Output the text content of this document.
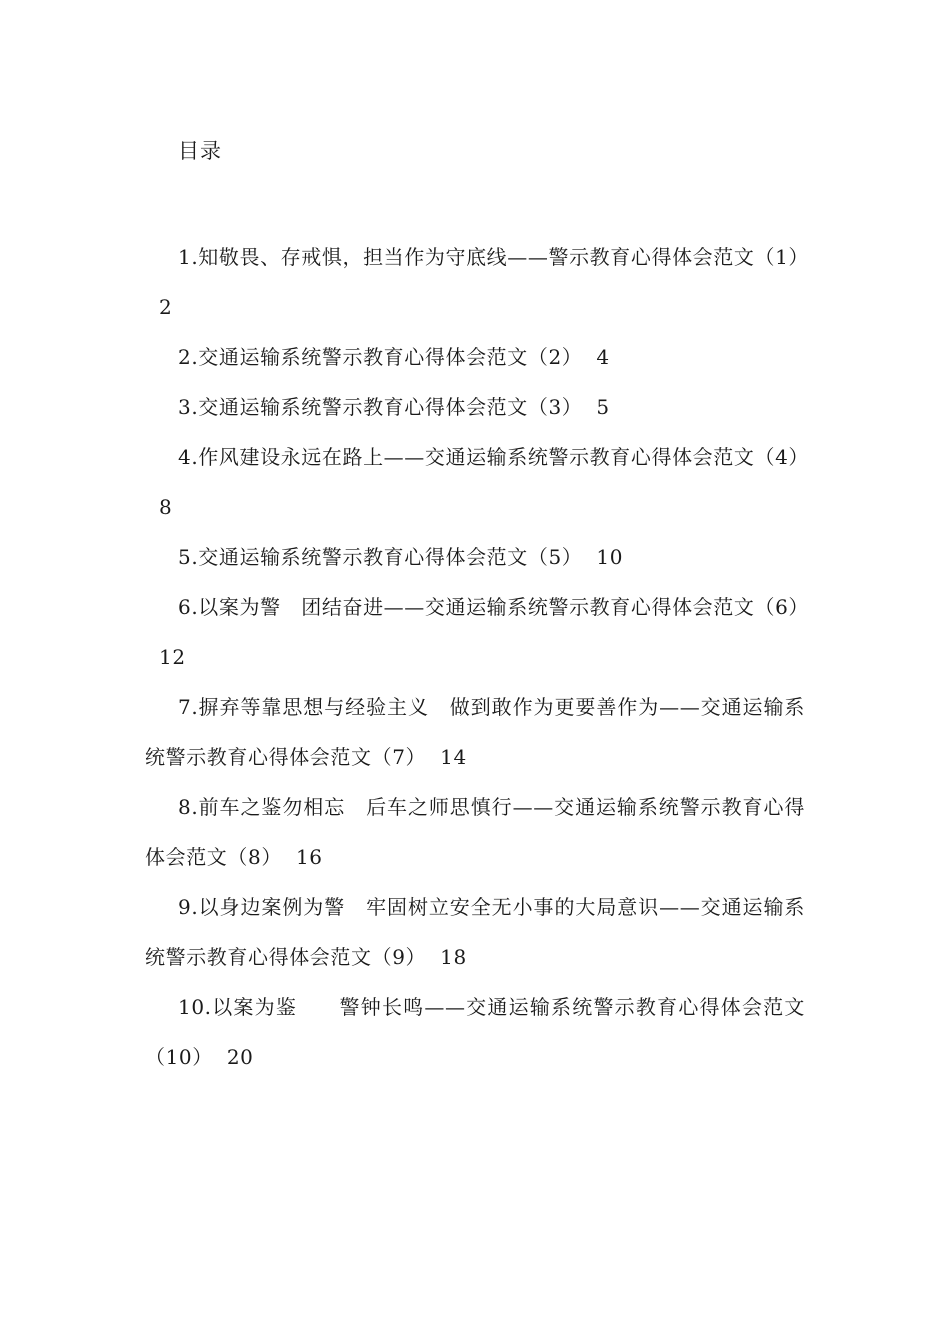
目录
1.知敬畏、存戒惧，担当作为守底线——警示教育心得体会范文（1）2
2.交通运输系统警示教育心得体会范文（2） 4
3.交通运输系统警示教育心得体会范文（3） 5
4.作风建设永远在路上——交通运输系统警示教育心得体会范文（4）8
5.交通运输系统警示教育心得体会范文（5） 10
6.以案为警　团结奋进——交通运输系统警示教育心得体会范文（6）12
7.摒弃等靠思想与经验主义　做到敢作为更要善作为——交通运输系统警示教育心得体会范文（7） 14
8.前车之鉴勿相忘　后车之师思慎行——交通运输系统警示教育心得体会范文（8） 16
9.以身边案例为警　牢固树立安全无小事的大局意识——交通运输系统警示教育心得体会范文（9） 18
10.以案为鉴　　警钟长鸣——交通运输系统警示教育心得体会范文（10） 20
